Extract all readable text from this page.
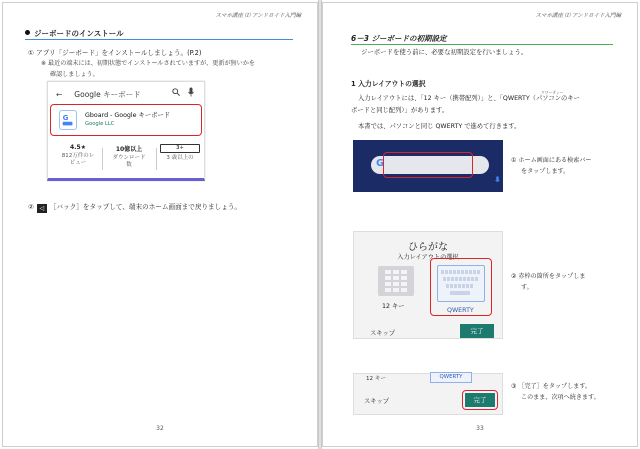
スマホ講座 ⑴ アンドロイド入門編
ジーボードのインストール
① アプリ「ジーボード」をインストールしましょう。(P.2)
※ 最近の端末には、初期状態でインストールされていますが、更新が無いかを
確認しましょう。
← Google キーボード
G	Gboard - Google キーボード
Google LLC
4.5★
812万件のレ
ビュー
10億以上
ダウンロード
数
3+
3 歳以上の
② ◁ ［バック］をタップして、端末のホーム画面まで戻りましょう。
32
スマホ講座 ⑴ アンドロイド入門編
6－3 ジーボードの初期設定
ジーボードを使う前に、必要な初期設定を行いましょう。
1 入力レイアウトの選択
クワーティー
入力レイアウトには、「12 キー（携帯配列）」と、「QWERTY（パソコンのキー
ボードと同じ配列）」があります。
本書では、パソコンと同じ QWERTY で進めて行きます。
G	① ホーム画面にある検索バー
をタップします。
ひらがな
入力レイアウトの選択
12 キー
QWERTY
スキップ	完了
② 赤枠の箇所をタップしま
す。
12 キー	QWERTY
スキップ	完了
③ ［完了］をタップします。
このまま、次項へ続きます。
33
